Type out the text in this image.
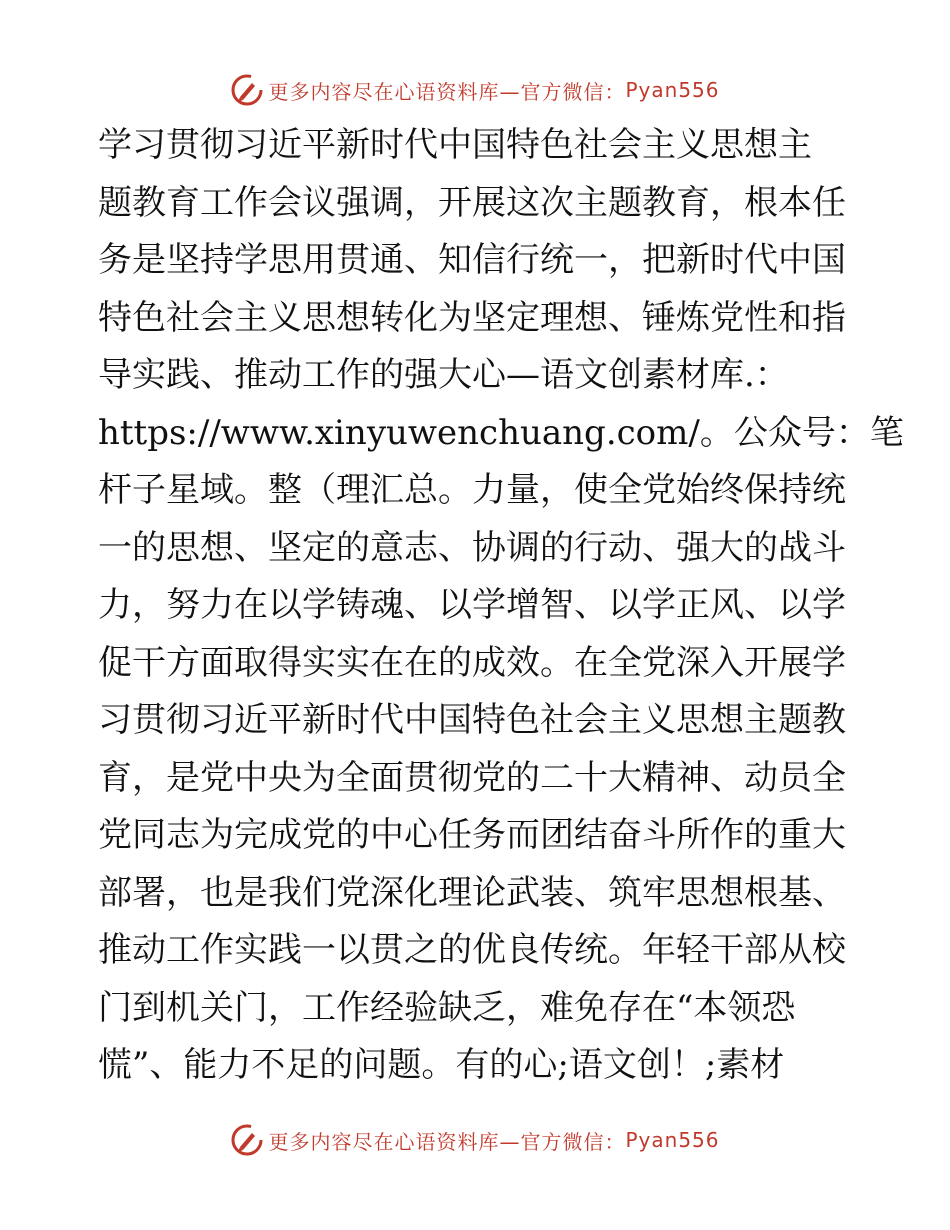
更多内容尽在心语资料库—官方微信： Pyan556
学习贯彻习近平新时代中国特色社会主义思想主
题教育工作会议强调，开展这次主题教育，根本任
务是坚持学思用贯通、知信行统一，把新时代中国
特色社会主义思想转化为坚定理想、锤炼党性和指
导实践、推动工作的强大心—语文创素材库.：
https://www.xinyuwenchuang.com/。公众号：笔
杆子星域。整（理汇总。力量，使全党始终保持统
一的思想、坚定的意志、协调的行动、强大的战斗
力，努力在以学铸魂、以学增智、以学正风、以学
促干方面取得实实在在的成效。在全党深入开展学
习贯彻习近平新时代中国特色社会主义思想主题教
育，是党中央为全面贯彻党的二十大精神、动员全
党同志为完成党的中心任务而团结奋斗所作的重大
部署，也是我们党深化理论武装、筑牢思想根基、
推动工作实践一以贯之的优良传统。年轻干部从校
门到机关门，工作经验缺乏，难免存在“本领恐
慌”、能力不足的问题。有的心;语文创！;素材
更多内容尽在心语资料库—官方微信： Pyan556
